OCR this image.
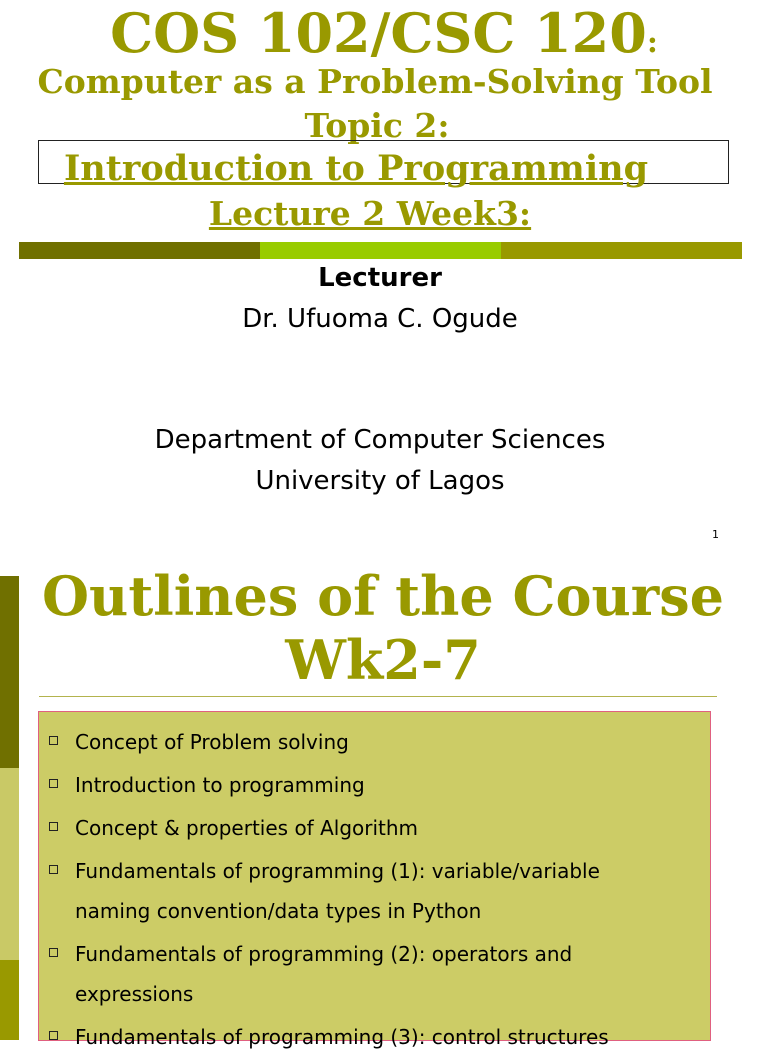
COS 102/CSC 120:
Computer as a Problem-Solving Tool
Topic 2:
Introduction to Programming
Lecture 2 Week3:
Lecturer
Dr. Ufuoma C. Ogude
Department of Computer Sciences
University of Lagos
1
Outlines of the Course
Wk2-7
Concept of Problem solving
Introduction to programming
Concept & properties of Algorithm
Fundamentals of programming (1): variable/variable naming convention/data types in Python
Fundamentals of programming (2): operators and expressions
Fundamentals of programming (3): control structures
